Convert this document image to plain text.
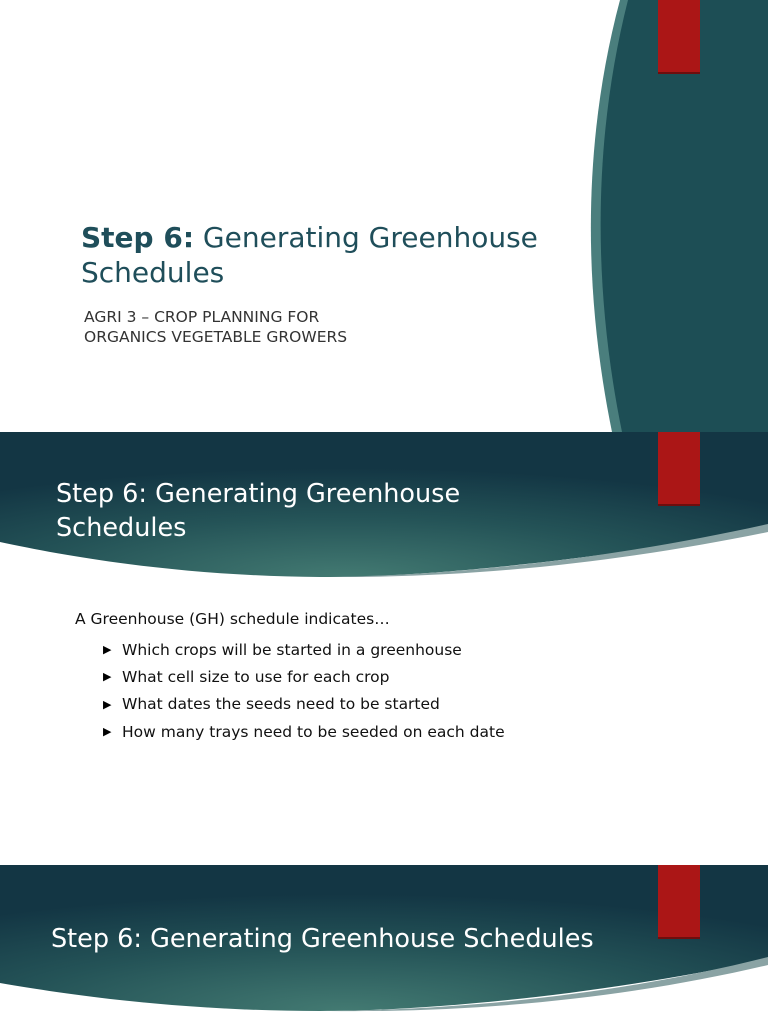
Step 6: Generating Greenhouse Schedules
AGRI 3 – CROP PLANNING FOR
ORGANICS VEGETABLE GROWERS
Step 6: Generating Greenhouse Schedules
A Greenhouse (GH) schedule indicates…
▶ Which crops will be started in a greenhouse
▶ What cell size to use for each crop
▶ What dates the seeds need to be started
▶ How many trays need to be seeded on each date
Step 6: Generating Greenhouse Schedules
